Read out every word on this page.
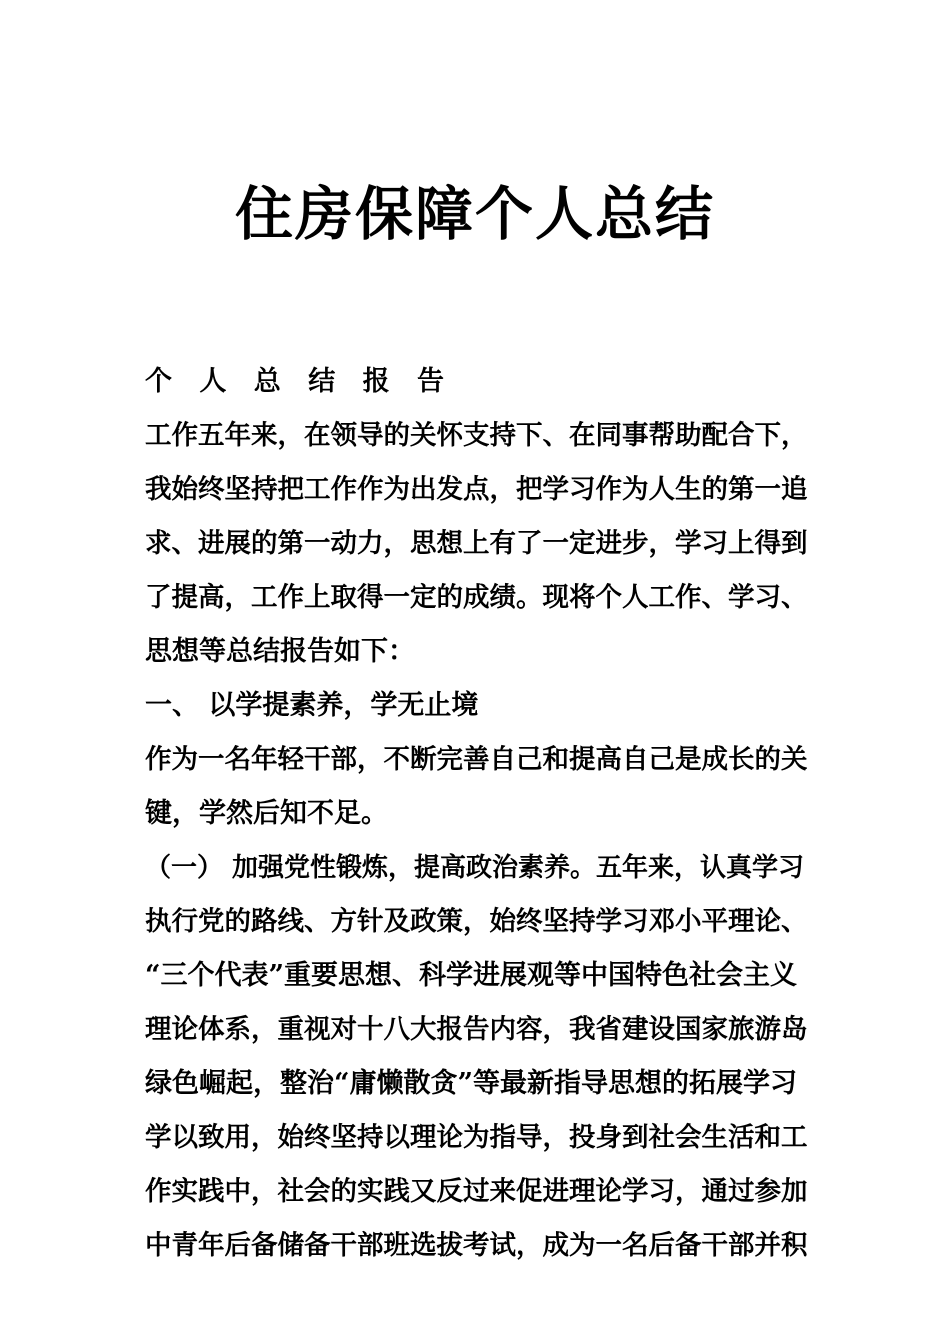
住房保障个人总结
个 人 总 结 报 告
工作五年来，在领导的关怀支持下、在同事帮助配合下，
我始终坚持把工作作为出发点，把学习作为人生的第一追
求、进展的第一动力，思想上有了一定进步，学习上得到
了提高，工作上取得一定的成绩。现将个人工作、学习、
思想等总结报告如下：
一、 以学提素养，学无止境
作为一名年轻干部，不断完善自己和提高自己是成长的关
键，学然后知不足。
（一） 加强党性锻炼，提高政治素养。五年来，认真学习
执行党的路线、方针及政策，始终坚持学习邓小平理论、
“三个代表”重要思想、科学进展观等中国特色社会主义
理论体系，重视对十八大报告内容，我省建设国家旅游岛
绿色崛起，整治“庸懒散贪”等最新指导思想的拓展学习
学以致用，始终坚持以理论为指导，投身到社会生活和工
作实践中，社会的实践又反过来促进理论学习，通过参加
中青年后备储备干部班选拔考试，成为一名后备干部并积
